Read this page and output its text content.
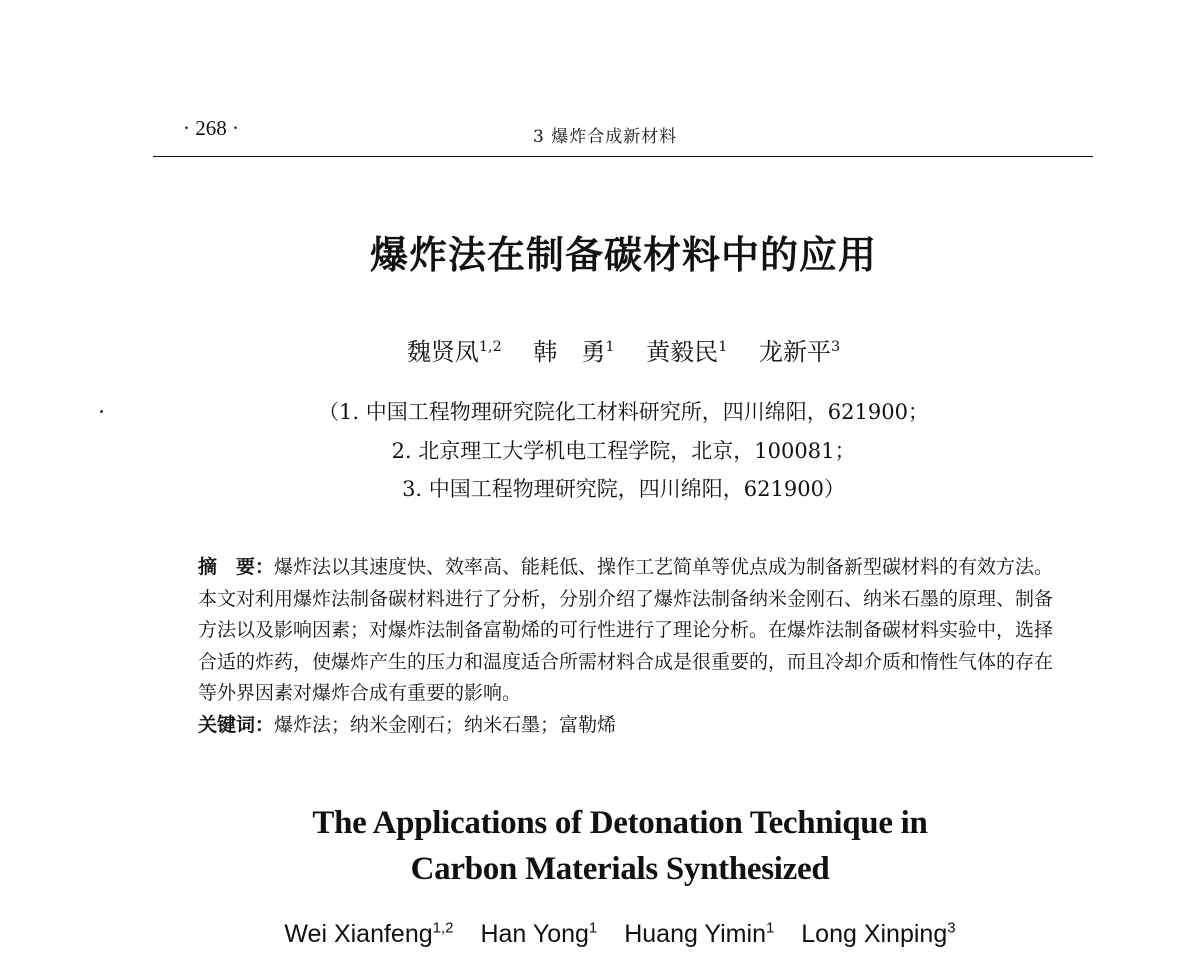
· 268 ·	3 爆炸合成新材料
爆炸法在制备碳材料中的应用
魏贤凤$^{1,2}$ 韩　勇$^1$ 黄毅民$^1$ 龙新平$^3$
（1. 中国工程物理研究院化工材料研究所，四川绵阳，621900；
2. 北京理工大学机电工程学院，北京，100081；
3. 中国工程物理研究院，四川绵阳，621900）

摘　要：爆炸法以其速度快、效率高、能耗低、操作工艺简单等优点成为制备新型碳材料的有效方法。本文对利用爆炸法制备碳材料进行了分析，分别介绍了爆炸法制备纳米金刚石、纳米石墨的原理、制备方法以及影响因素；对爆炸法制备富勒烯的可行性进行了理论分析。在爆炸法制备碳材料实验中，选择合适的炸药，使爆炸产生的压力和温度适合所需材料合成是很重要的，而且冷却介质和惰性气体的存在等外界因素对爆炸合成有重要的影响。

关键词：爆炸法；纳米金刚石；纳米石墨；富勒烯

The Applications of Detonation Technique in
Carbon Materials Synthesized
Wei Xianfeng$^{1,2}$ Han Yong$^1$ Huang Yimin$^1$ Long Xinping$^3$
